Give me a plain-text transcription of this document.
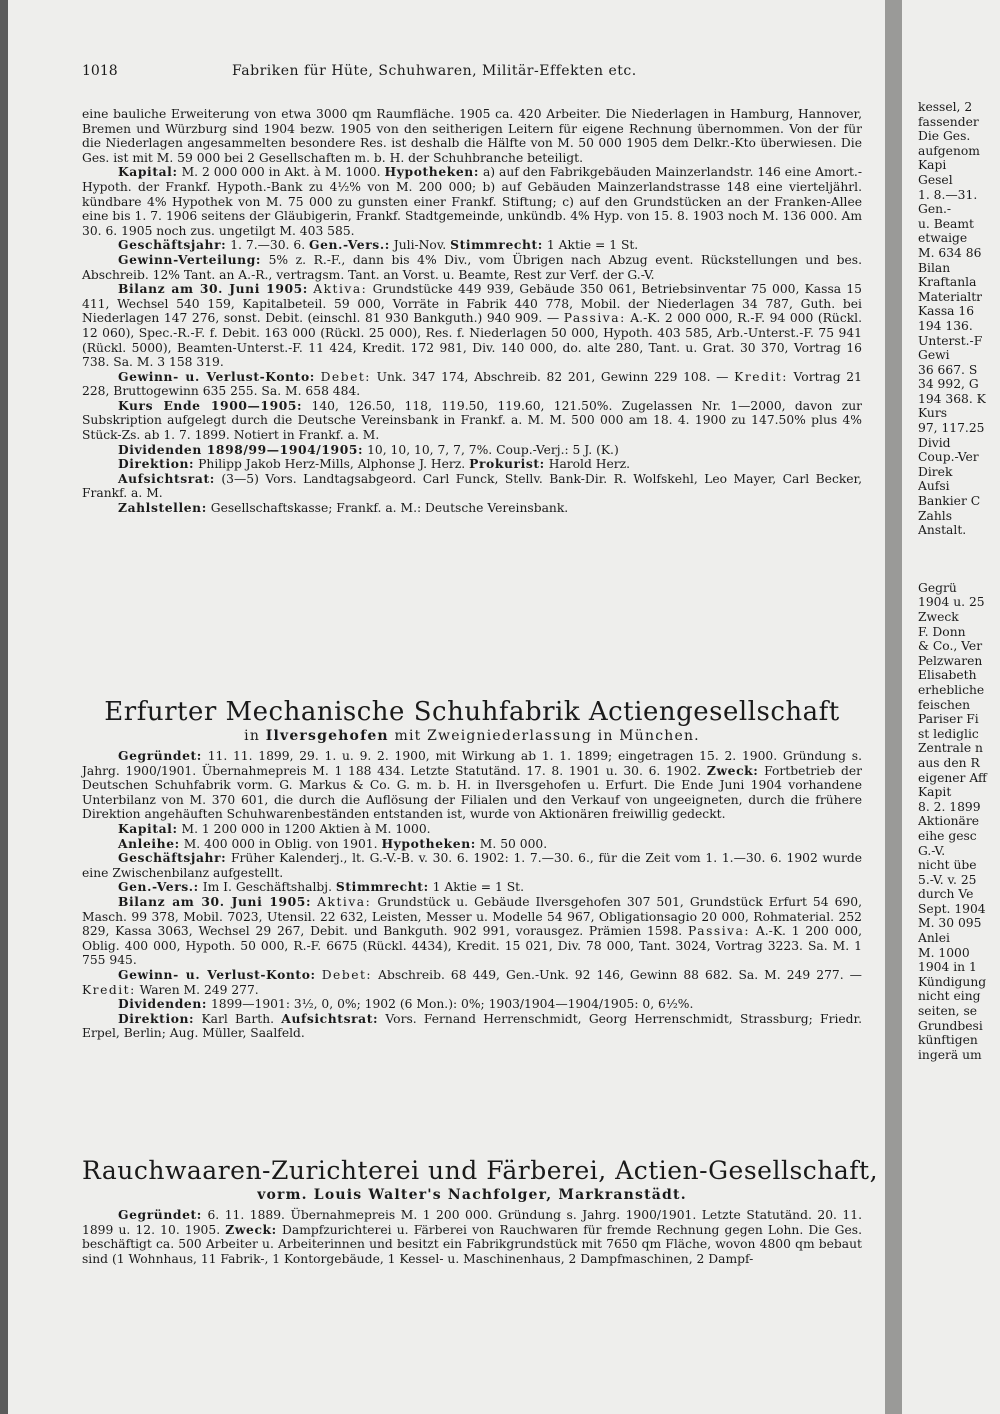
1018	Fabriken für Hüte, Schuhwaren, Militär-Effekten etc.

eine bauliche Erweiterung von etwa 3000 qm Raumfläche. 1905 ca. 420 Arbeiter. Die Niederlagen in Hamburg, Hannover, Bremen und Würzburg sind 1904 bezw. 1905 von den seitherigen Leitern für eigene Rechnung übernommen. Von der für die Niederlagen angesammelten besondere Res. ist deshalb die Hälfte von M. 50 000 1905 dem Delkr.-Kto überwiesen. Die Ges. ist mit M. 59 000 bei 2 Gesellschaften m. b. H. der Schuhbranche beteiligt.

Kapital: M. 2 000 000 in Akt. à M. 1000. Hypotheken: a) auf den Fabrikgebäuden Mainzerlandstr. 146 eine Amort.-Hypoth. der Frankf. Hypoth.-Bank zu 4½% von M. 200 000; b) auf Gebäuden Mainzerlandstrasse 148 eine vierteljährl. kündbare 4% Hypothek von M. 75 000 zu gunsten einer Frankf. Stiftung; c) auf den Grundstücken an der Franken-Allee eine bis 1. 7. 1906 seitens der Gläubigerin, Frankf. Stadtgemeinde, unkündb. 4% Hyp. von 15. 8. 1903 noch M. 136 000. Am 30. 6. 1905 noch zus. ungetilgt M. 403 585.

Geschäftsjahr: 1. 7.—30. 6. Gen.-Vers.: Juli-Nov. Stimmrecht: 1 Aktie = 1 St.

Gewinn-Verteilung: 5% z. R.-F., dann bis 4% Div., vom Übrigen nach Abzug event. Rückstellungen und bes. Abschreib. 12% Tant. an A.-R., vertragsm. Tant. an Vorst. u. Beamte, Rest zur Verf. der G.-V.

Bilanz am 30. Juni 1905: Aktiva: Grundstücke 449 939, Gebäude 350 061, Betriebsinventar 75 000, Kassa 15 411, Wechsel 540 159, Kapitalbeteil. 59 000, Vorräte in Fabrik 440 778, Mobil. der Niederlagen 34 787, Guth. bei Niederlagen 147 276, sonst. Debit. (einschl. 81 930 Bankguth.) 940 909. — Passiva: A.-K. 2 000 000, R.-F. 94 000 (Rückl. 12 060), Spec.-R.-F. f. Debit. 163 000 (Rückl. 25 000), Res. f. Niederlagen 50 000, Hypoth. 403 585, Arb.-Unterst.-F. 75 941 (Rückl. 5000), Beamten-Unterst.-F. 11 424, Kredit. 172 981, Div. 140 000, do. alte 280, Tant. u. Grat. 30 370, Vortrag 16 738. Sa. M. 3 158 319.

Gewinn- u. Verlust-Konto: Debet: Unk. 347 174, Abschreib. 82 201, Gewinn 229 108. — Kredit: Vortrag 21 228, Bruttogewinn 635 255. Sa. M. 658 484.

Kurs Ende 1900—1905: 140, 126.50, 118, 119.50, 119.60, 121.50%. Zugelassen Nr. 1—2000, davon zur Subskription aufgelegt durch die Deutsche Vereinsbank in Frankf. a. M. M. 500 000 am 18. 4. 1900 zu 147.50% plus 4% Stück-Zs. ab 1. 7. 1899. Notiert in Frankf. a. M.

Dividenden 1898/99—1904/1905: 10, 10, 10, 7, 7, 7%. Coup.-Verj.: 5 J. (K.)

Direktion: Philipp Jakob Herz-Mills, Alphonse J. Herz. Prokurist: Harold Herz.

Aufsichtsrat: (3—5) Vors. Landtagsabgeord. Carl Funck, Stellv. Bank-Dir. R. Wolfskehl, Leo Mayer, Carl Becker, Frankf. a. M.

Zahlstellen: Gesellschaftskasse; Frankf. a. M.: Deutsche Vereinsbank.

Erfurter Mechanische Schuhfabrik Actiengesellschaft
in Ilversgehofen mit Zweigniederlassung in München.

Gegründet: 11. 11. 1899, 29. 1. u. 9. 2. 1900, mit Wirkung ab 1. 1. 1899; eingetragen 15. 2. 1900. Gründung s. Jahrg. 1900/1901. Übernahmepreis M. 1 188 434. Letzte Statutänd. 17. 8. 1901 u. 30. 6. 1902. Zweck: Fortbetrieb der Deutschen Schuhfabrik vorm. G. Markus & Co. G. m. b. H. in Ilversgehofen u. Erfurt. Die Ende Juni 1904 vorhandene Unterbilanz von M. 370 601, die durch die Auflösung der Filialen und den Verkauf von ungeeigneten, durch die frühere Direktion angehäuften Schuhwarenbeständen entstanden ist, wurde von Aktionären freiwillig gedeckt.

Kapital: M. 1 200 000 in 1200 Aktien à M. 1000.

Anleihe: M. 400 000 in Oblig. von 1901. Hypotheken: M. 50 000.

Geschäftsjahr: Früher Kalenderj., lt. G.-V.-B. v. 30. 6. 1902: 1. 7.—30. 6., für die Zeit vom 1. 1.—30. 6. 1902 wurde eine Zwischenbilanz aufgestellt.

Gen.-Vers.: Im I. Geschäftshalbj. Stimmrecht: 1 Aktie = 1 St.

Bilanz am 30. Juni 1905: Aktiva: Grundstück u. Gebäude Ilversgehofen 307 501, Grundstück Erfurt 54 690, Masch. 99 378, Mobil. 7023, Utensil. 22 632, Leisten, Messer u. Modelle 54 967, Obligationsagio 20 000, Rohmaterial. 252 829, Kassa 3063, Wechsel 29 267, Debit. und Bankguth. 902 991, vorausgez. Prämien 1598. Passiva: A.-K. 1 200 000, Oblig. 400 000, Hypoth. 50 000, R.-F. 6675 (Rückl. 4434), Kredit. 15 021, Div. 78 000, Tant. 3024, Vortrag 3223. Sa. M. 1 755 945.

Gewinn- u. Verlust-Konto: Debet: Abschreib. 68 449, Gen.-Unk. 92 146, Gewinn 88 682. Sa. M. 249 277. — Kredit: Waren M. 249 277.

Dividenden: 1899—1901: 3½, 0, 0%; 1902 (6 Mon.): 0%; 1903/1904—1904/1905: 0, 6½%.

Direktion: Karl Barth. Aufsichtsrat: Vors. Fernand Herrenschmidt, Georg Herrenschmidt, Strassburg; Friedr. Erpel, Berlin; Aug. Müller, Saalfeld.

Rauchwaaren-Zurichterei und Färberei, Actien-Gesellschaft,
vorm. Louis Walter's Nachfolger, Markranstädt.

Gegründet: 6. 11. 1889. Übernahmepreis M. 1 200 000. Gründung s. Jahrg. 1900/1901. Letzte Statutänd. 20. 11. 1899 u. 12. 10. 1905. Zweck: Dampfzurichterei u. Färberei von Rauchwaren für fremde Rechnung gegen Lohn. Die Ges. beschäftigt ca. 500 Arbeiter u. Arbeiterinnen und besitzt ein Fabrikgrundstück mit 7650 qm Fläche, wovon 4800 qm bebaut sind (1 Wohnhaus, 11 Fabrik-, 1 Kontorgebäude, 1 Kessel- u. Maschinenhaus, 2 Dampfmaschinen, 2 Dampf-

kessel, 2
fassender
Die Ges.
aufgenom
Kapi
Gesel
1. 8.—31.
Gen.-
u. Beamt
etwaige
M. 634 86
Bilan
Kraftanla
Materialtr
Kassa 16
194 136.
Unterst.-F
Gewi
36 667. S
34 992, G
194 368. K
Kurs
97, 117.25
Divid
Coup.-Ver
Direk
Aufsi
Bankier C
Zahls
Anstalt.
Gegrü
1904 u. 25
Zweck
F. Donn
& Co., Ver
Pelzwaren
Elisabeth
erhebliche
feischen
Pariser Fi
st lediglic
Zentrale n
aus den R
eigener Aff
Kapit
8. 2. 1899
Aktionäre
eihe gesc
G.-V.
nicht übe
5.-V. v. 25
durch Ve
Sept. 1904
M. 30 095
Anlei
M. 1000
1904 in 1
Kündigung
nicht eing
seiten, se
Grundbesi
künftigen
ingerä um
